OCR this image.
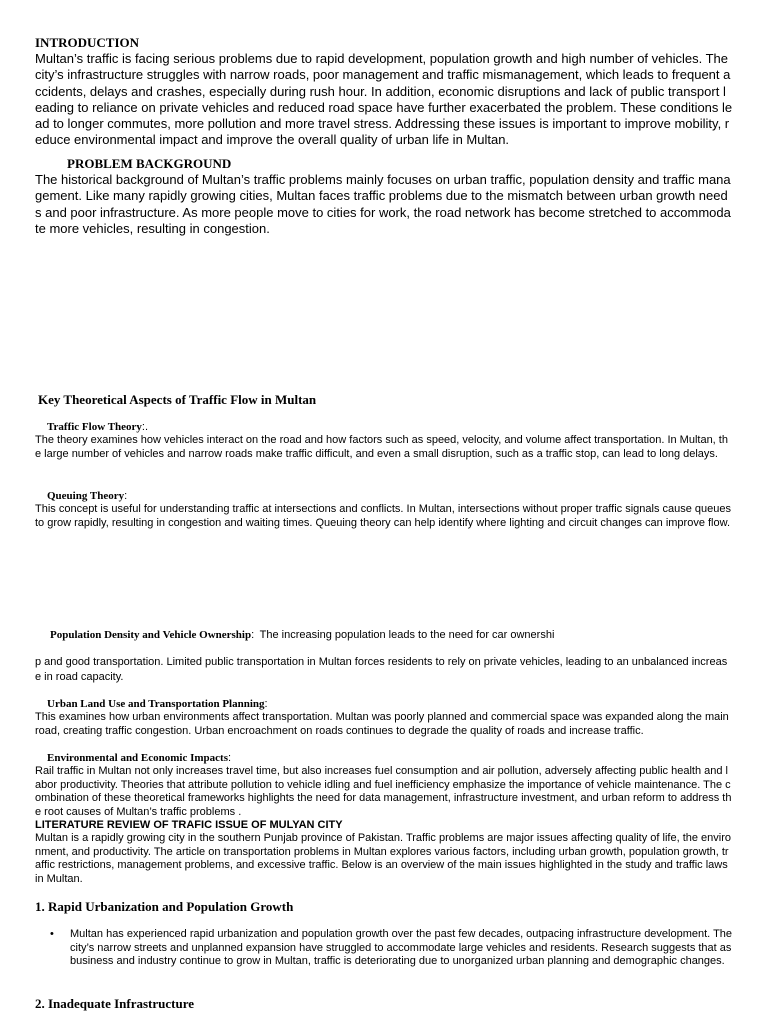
INTRODUCTION
Multan’s traffic is facing serious problems due to rapid development, population growth and high number of vehicles. The city’s infrastructure struggles with narrow roads, poor management and traffic mismanagement, which leads to frequent accidents, delays and crashes, especially during rush hour. In addition, economic disruptions and lack of public transport leading to reliance on private vehicles and reduced road space have further exacerbated the problem. These conditions lead to longer commutes, more pollution and more travel stress. Addressing these issues is important to improve mobility, reduce environmental impact and improve the overall quality of urban life in Multan.
PROBLEM BACKGROUND
The historical background of Multan’s traffic problems mainly focuses on urban traffic, population density and traffic management. Like many rapidly growing cities, Multan faces traffic problems due to the mismatch between urban growth needs and poor infrastructure. As more people move to cities for work, the road network has become stretched to accommodate more vehicles, resulting in congestion.
Key Theoretical Aspects of Traffic Flow in Multan
Traffic Flow Theory:.
The theory examines how vehicles interact on the road and how factors such as speed, velocity, and volume affect transportation. In Multan, the large number of vehicles and narrow roads make traffic difficult, and even a small disruption, such as a traffic stop, can lead to long delays.
Queuing Theory:
This concept is useful for understanding traffic at intersections and conflicts. In Multan, intersections without proper traffic signals cause queues to grow rapidly, resulting in congestion and waiting times. Queuing theory can help identify where lighting and circuit changes can improve flow.
Population Density and Vehicle Ownership: The increasing population leads to the need for car ownershi
p and good transportation. Limited public transportation in Multan forces residents to rely on private vehicles, leading to an unbalanced increase in road capacity.
Urban Land Use and Transportation Planning:
This examines how urban environments affect transportation. Multan was poorly planned and commercial space was expanded along the main road, creating traffic congestion. Urban encroachment on roads continues to degrade the quality of roads and increase traffic.
Environmental and Economic Impacts:
Rail traffic in Multan not only increases travel time, but also increases fuel consumption and air pollution, adversely affecting public health and labor productivity. Theories that attribute pollution to vehicle idling and fuel inefficiency emphasize the importance of vehicle maintenance. The combination of these theoretical frameworks highlights the need for data management, infrastructure investment, and urban reform to address the root causes of Multan’s traffic problems .
LITERATURE REVIEW OF TRAFIC ISSUE OF MULYAN CITY
Multan is a rapidly growing city in the southern Punjab province of Pakistan. Traffic problems are major issues affecting quality of life, the environment, and productivity. The article on transportation problems in Multan explores various factors, including urban growth, population growth, traffic restrictions, management problems, and excessive traffic. Below is an overview of the main issues highlighted in the study and traffic laws in Multan.
1. Rapid Urbanization and Population Growth
• Multan has experienced rapid urbanization and population growth over the past few decades, outpacing infrastructure development. The city’s narrow streets and unplanned expansion have struggled to accommodate large vehicles and residents. Research suggests that as business and industry continue to grow in Multan, traffic is deteriorating due to unorganized urban planning and demographic changes.
2. Inadequate Infrastructure
